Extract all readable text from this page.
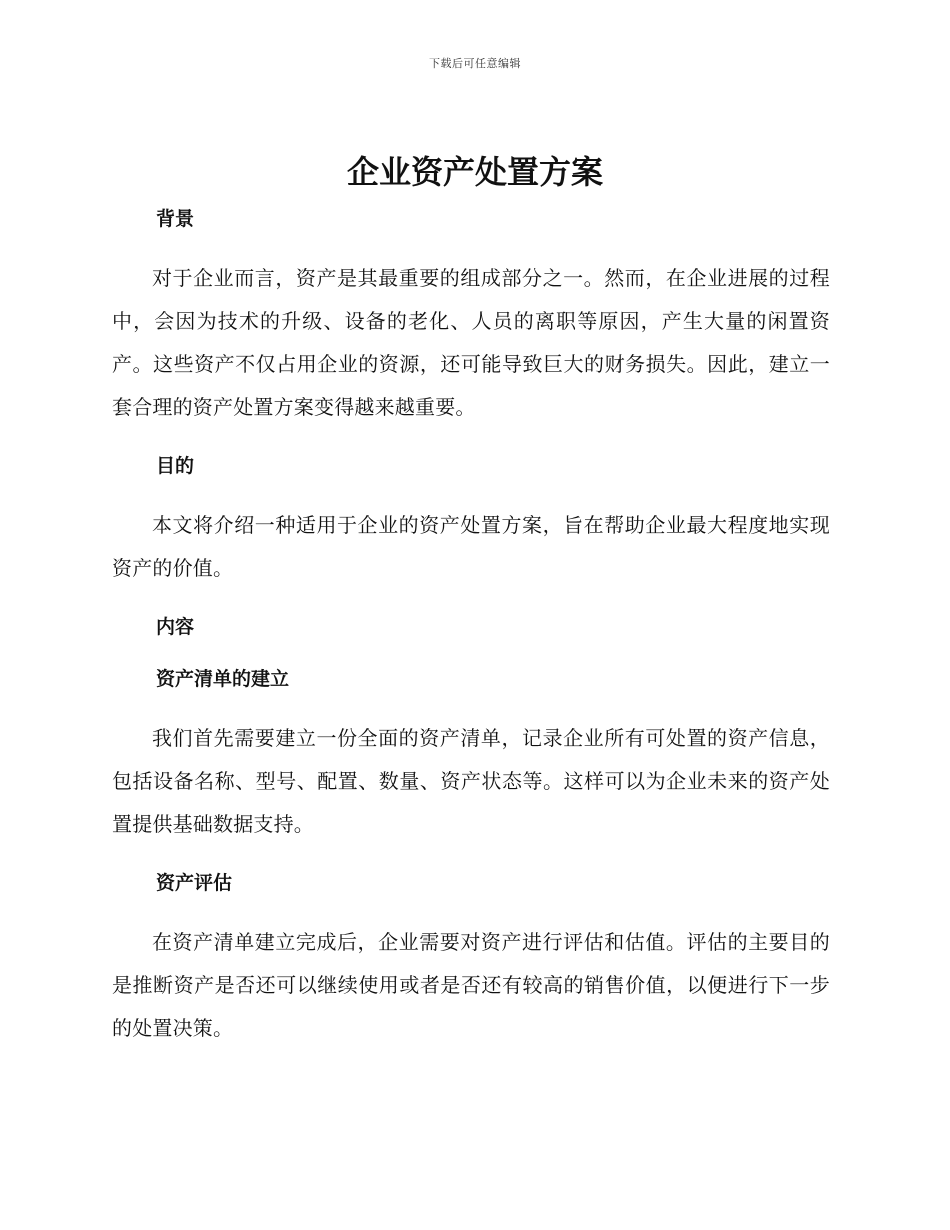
下载后可任意编辑
企业资产处置方案
背景

对于企业而言，资产是其最重要的组成部分之一。然而，在企业进展的过程中，会因为技术的升级、设备的老化、人员的离职等原因，产生大量的闲置资产。这些资产不仅占用企业的资源，还可能导致巨大的财务损失。因此，建立一套合理的资产处置方案变得越来越重要。

目的

本文将介绍一种适用于企业的资产处置方案，旨在帮助企业最大程度地实现资产的价值。

内容
资产清单的建立

我们首先需要建立一份全面的资产清单，记录企业所有可处置的资产信息，包括设备名称、型号、配置、数量、资产状态等。这样可以为企业未来的资产处置提供基础数据支持。

资产评估

在资产清单建立完成后，企业需要对资产进行评估和估值。评估的主要目的是推断资产是否还可以继续使用或者是否还有较高的销售价值，以便进行下一步的处置决策。
